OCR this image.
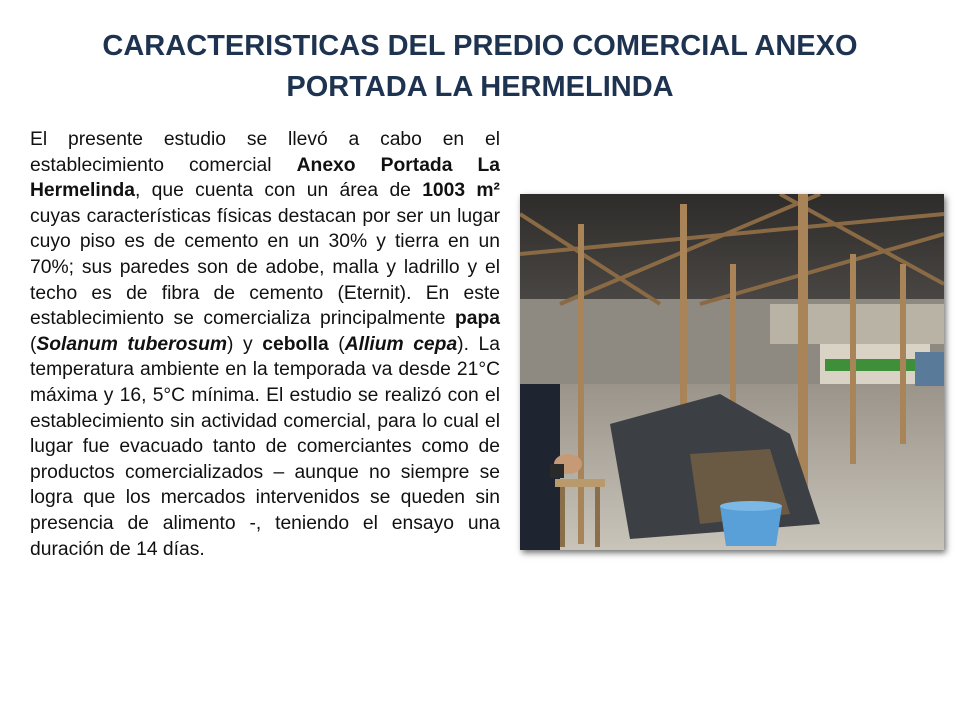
CARACTERISTICAS DEL PREDIO COMERCIAL ANEXO
PORTADA LA HERMELINDA

El presente estudio se llevó a cabo en el establecimiento comercial Anexo Portada La Hermelinda, que cuenta con un área de 1003 m² cuyas características físicas destacan por ser un lugar cuyo piso es de cemento en un 30% y tierra en un 70%; sus paredes son de adobe, malla y ladrillo y el techo es de fibra de cemento (Eternit). En este establecimiento se comercializa principalmente papa (Solanum tuberosum) y cebolla (Allium cepa). La temperatura ambiente en la temporada va desde 21°C máxima y 16, 5°C mínima. El estudio se realizó con el establecimiento sin actividad comercial, para lo cual el lugar fue evacuado tanto de comerciantes como de productos comercializados – aunque no siempre se logra que los mercados intervenidos se queden sin presencia de alimento -, teniendo el ensayo una duración de 14 días.
